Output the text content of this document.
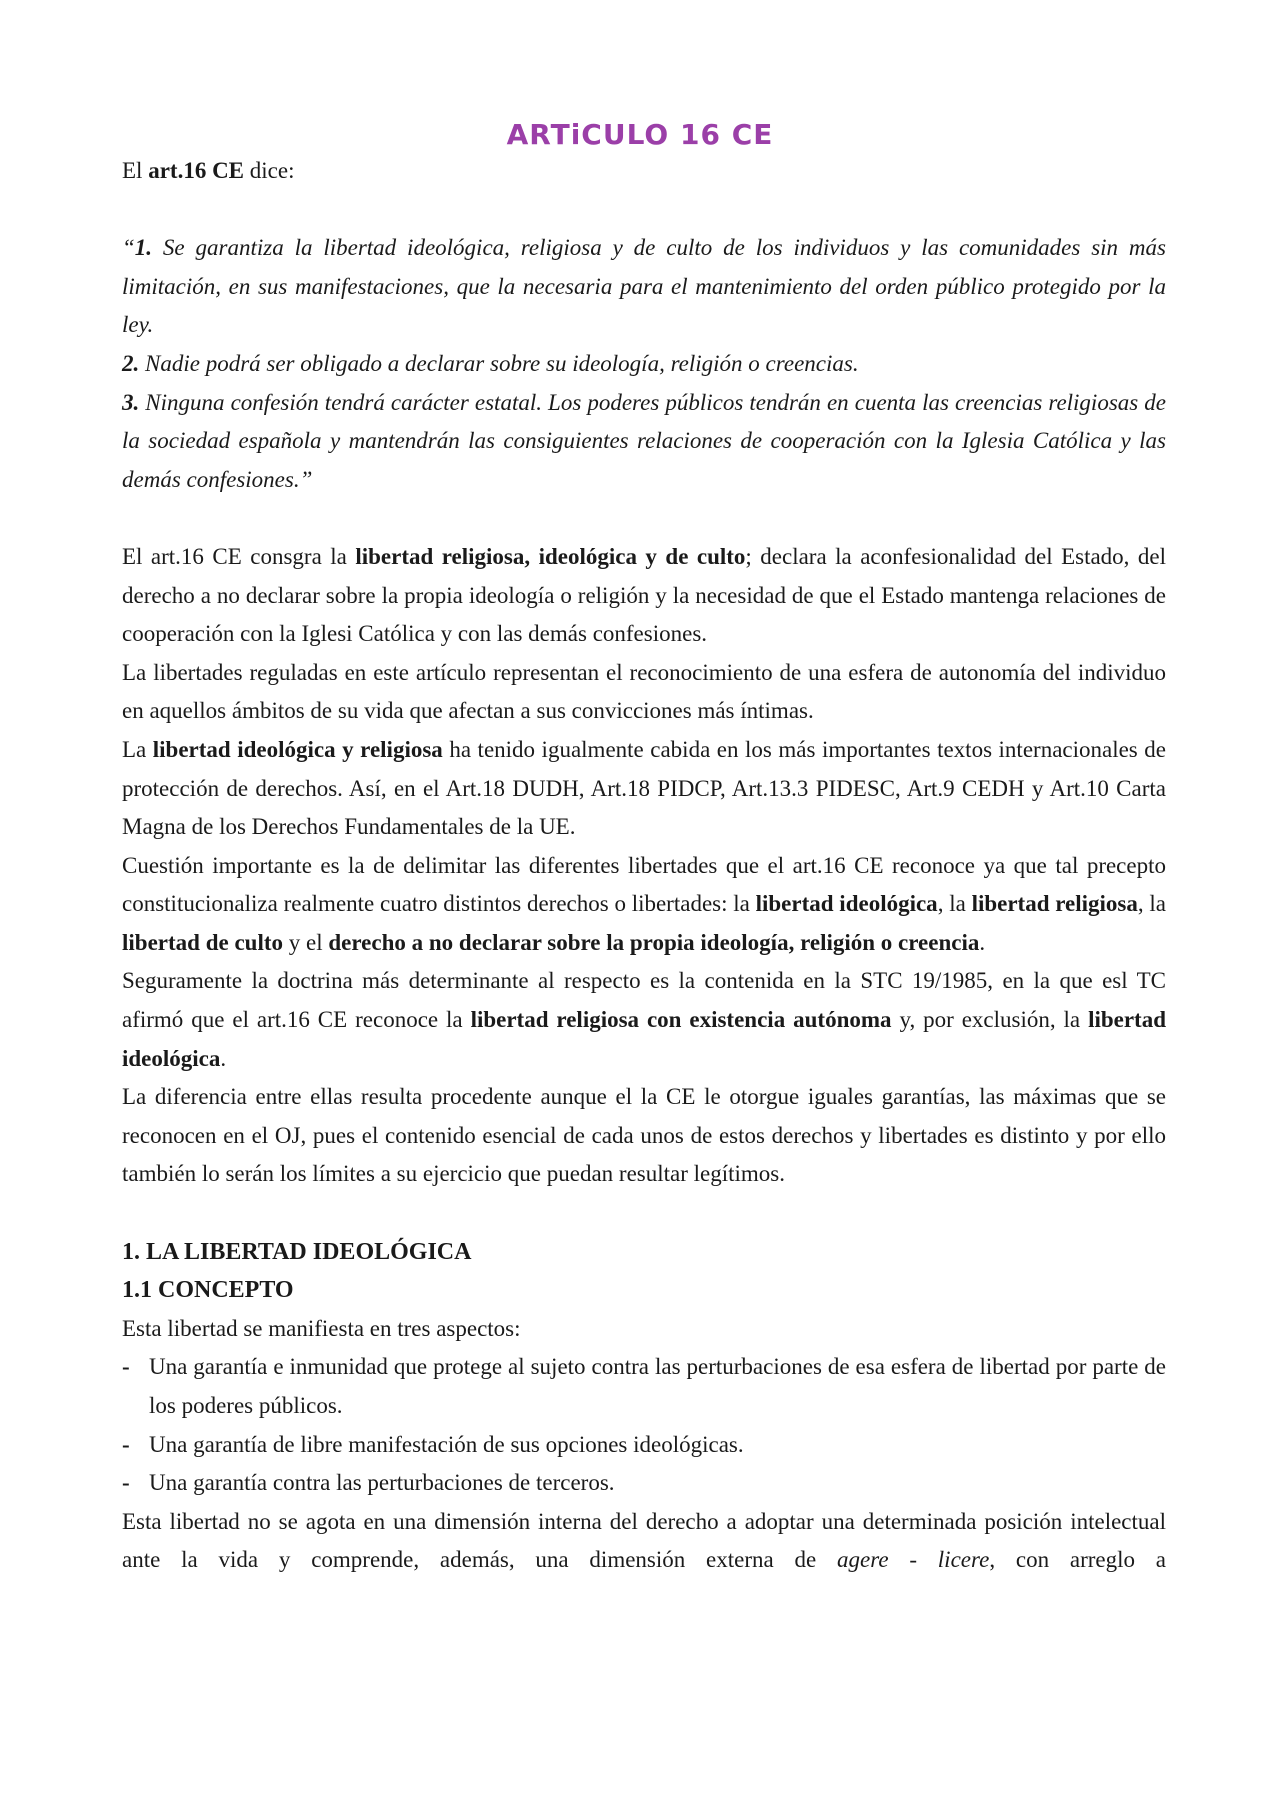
ARTiCULO 16 CE

El art.16 CE dice:

“1. Se garantiza la libertad ideológica, religiosa y de culto de los individuos y las comunidades sin más limitación, en sus manifestaciones, que la necesaria para el mantenimiento del orden público protegido por la ley.

2. Nadie podrá ser obligado a declarar sobre su ideología, religión o creencias.

3. Ninguna confesión tendrá carácter estatal. Los poderes públicos tendrán en cuenta las creencias religiosas de la sociedad española y mantendrán las consiguientes relaciones de cooperación con la Iglesia Católica y las demás confesiones.”

El art.16 CE consgra la libertad religiosa, ideológica y de culto; declara la aconfesionalidad del Estado, del derecho a no declarar sobre la propia ideología o religión y la necesidad de que el Estado mantenga relaciones de cooperación con la Iglesi Católica y con las demás confesiones.

La libertades reguladas en este artículo representan el reconocimiento de una esfera de autonomía del individuo en aquellos ámbitos de su vida que afectan a sus convicciones más íntimas.

La libertad ideológica y religiosa ha tenido igualmente cabida en los más importantes textos internacionales de protección de derechos. Así, en el Art.18 DUDH, Art.18 PIDCP, Art.13.3 PIDESC, Art.9 CEDH y Art.10 Carta Magna de los Derechos Fundamentales de la UE.

Cuestión importante es la de delimitar las diferentes libertades que el art.16 CE reconoce ya que tal precepto constitucionaliza realmente cuatro distintos derechos o libertades: la libertad ideológica, la libertad religiosa, la libertad de culto y el derecho a no declarar sobre la propia ideología, religión o creencia.

Seguramente la doctrina más determinante al respecto es la contenida en la STC 19/1985, en la que esl TC afirmó que el art.16 CE reconoce la libertad religiosa con existencia autónoma y, por exclusión, la libertad ideológica.

La diferencia entre ellas resulta procedente aunque el la CE le otorgue iguales garantías, las máximas que se reconocen en el OJ, pues el contenido esencial de cada unos de estos derechos y libertades es distinto y por ello también lo serán los límites a su ejercicio que puedan resultar legítimos.

1. LA LIBERTAD IDEOLÓGICA

1.1 CONCEPTO

Esta libertad se manifiesta en tres aspectos:

- Una garantía e inmunidad que protege al sujeto contra las perturbaciones de esa esfera de libertad por parte de los poderes públicos.
- Una garantía de libre manifestación de sus opciones ideológicas.
- Una garantía contra las perturbaciones de terceros.

Esta libertad no se agota en una dimensión interna del derecho a adoptar una determinada posición intelectual ante la vida y comprende, además, una dimensión externa de agere - licere, con arreglo a
